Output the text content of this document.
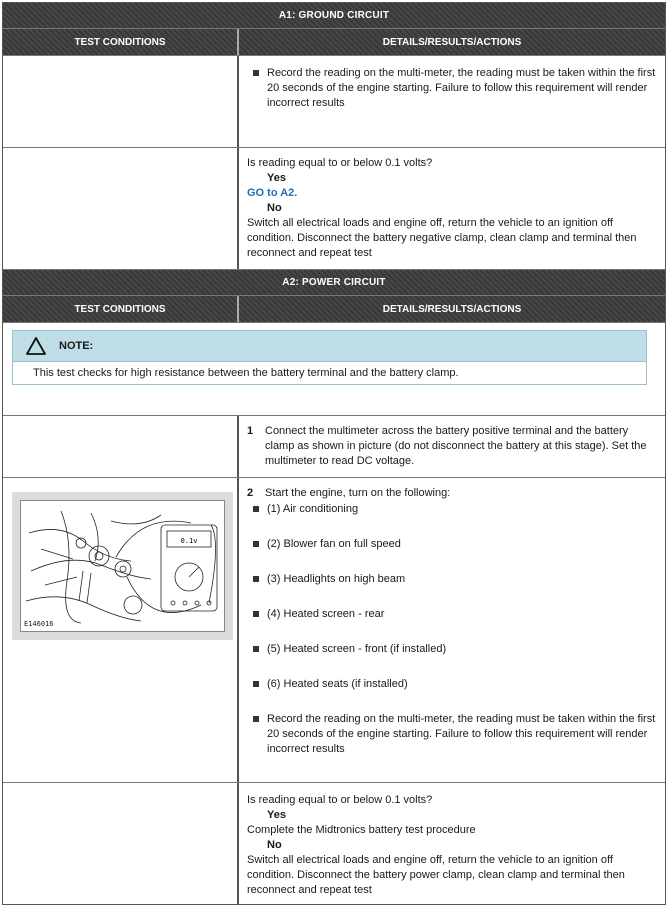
A1: GROUND CIRCUIT
TEST CONDITIONS	DETAILS/RESULTS/ACTIONS
Record the reading on the multi-meter, the reading must be taken within the first 20 seconds of the engine starting. Failure to follow this requirement will render incorrect results
Is reading equal to or below 0.1 volts?
Yes
GO to A2.
No
Switch all electrical loads and engine off, return the vehicle to an ignition off condition. Disconnect the battery negative clamp, clean clamp and terminal then reconnect and repeat test
A2: POWER CIRCUIT
TEST CONDITIONS	DETAILS/RESULTS/ACTIONS
NOTE:
This test checks for high resistance between the battery terminal and the battery clamp.
1	Connect the multimeter across the battery positive terminal and the battery clamp as shown in picture (do not disconnect the battery at this stage). Set the multimeter to read DC voltage.
0.1v
E146016
2	Start the engine, turn on the following:
(1) Air conditioning
(2) Blower fan on full speed
(3) Headlights on high beam
(4) Heated screen - rear
(5) Heated screen - front (if installed)
(6) Heated seats (if installed)
Record the reading on the multi-meter, the reading must be taken within the first 20 seconds of the engine starting. Failure to follow this requirement will render incorrect results
Is reading equal to or below 0.1 volts?
Yes
Complete the Midtronics battery test procedure
No
Switch all electrical loads and engine off, return the vehicle to an ignition off condition. Disconnect the battery power clamp, clean clamp and terminal then reconnect and repeat test
